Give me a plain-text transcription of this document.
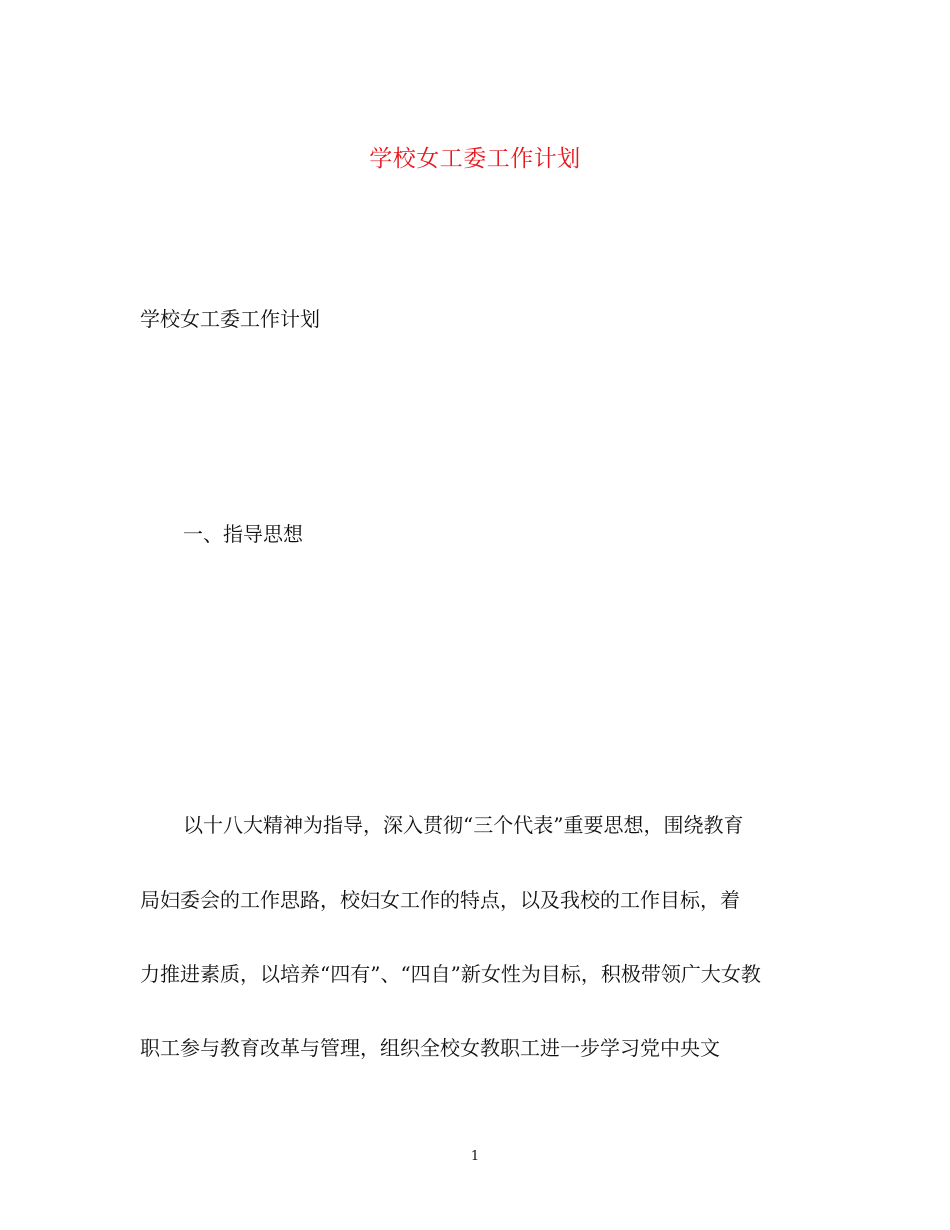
学校女工委工作计划
学校女工委工作计划
一、指导思想
以十八大精神为指导，深入贯彻“三个代表”重要思想，围绕教育
局妇委会的工作思路，校妇女工作的特点，以及我校的工作目标，着
力推进素质，以培养“四有”、“四自”新女性为目标，积极带领广大女教
职工参与教育改革与管理，组织全校女教职工进一步学习党中央文
1
